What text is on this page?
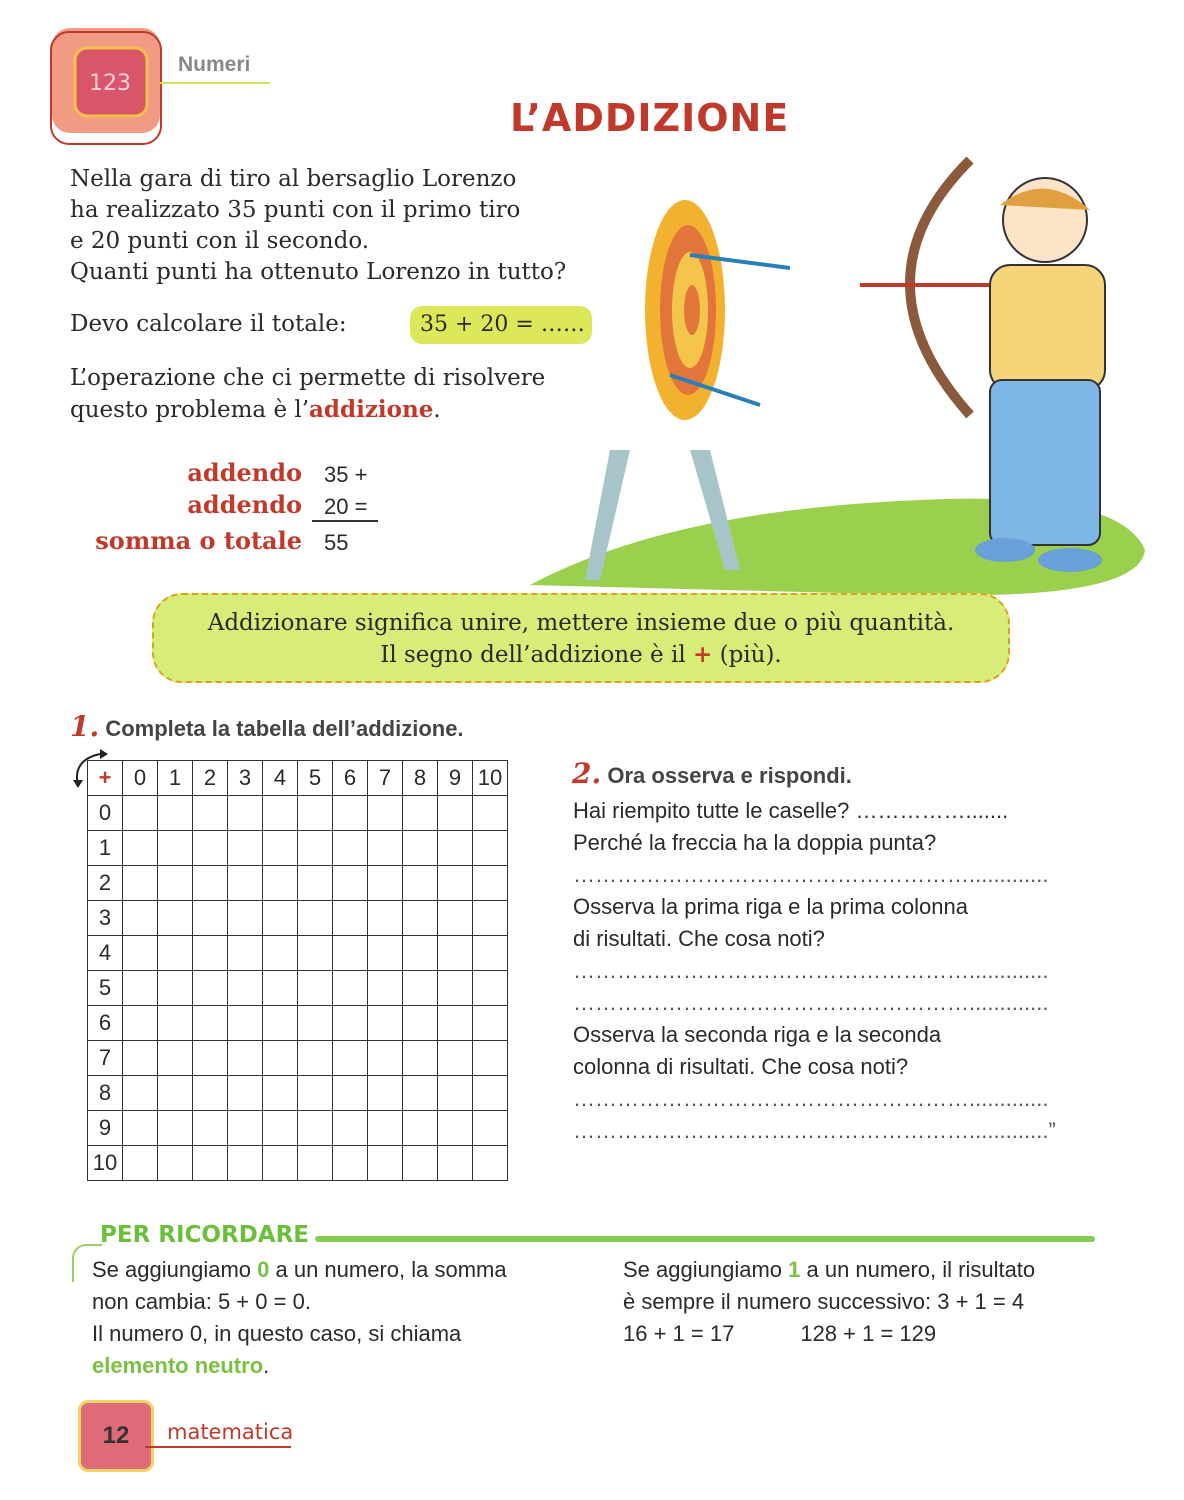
123
Numeri
L’ADDIZIONE

Nella gara di tiro al bersaglio Lorenzo

ha realizzato 35 punti con il primo tiro

e 20 punti con il secondo.

Quanti punti ha ottenuto Lorenzo in tutto?

Devo calcolare il totale:	35 + 20 = ……
L’operazione che ci permette di risolvere
questo problema è l’addizione.
addendo 35 +
addendo 20 =
somma o totale 55
Addizionare significa unire, mettere insieme due o più quantità.
Il segno dell’addizione è il + (più).
1. Completa la tabella dell’addizione.
+	0	1	2	3	4	5	6	7	8	9	10
0											
1											
2											
3											
4											
5											
6											
7											
8											
9											
10											
2. Ora osserva e rispondi.
Hai riempito tutte le caselle? …………….......
Perché la freccia ha la doppia punta?
……………………………………………….............
Osserva la prima riga e la prima colonna
di risultati. Che cosa noti?
……………………………………………….............
……………………………………………….............
Osserva la seconda riga e la seconda
colonna di risultati. Che cosa noti?
……………………………………………….............
……………………………………………….............”
PER RICORDARE
Se aggiungiamo 0 a un numero, la somma
non cambia: 5 + 0 = 0.
Il numero 0, in questo caso, si chiama
elemento neutro.
Se aggiungiamo 1 a un numero, il risultato
è sempre il numero successivo: 3 + 1 = 4
16 + 1 = 17	128 + 1 = 129
12	matematica
